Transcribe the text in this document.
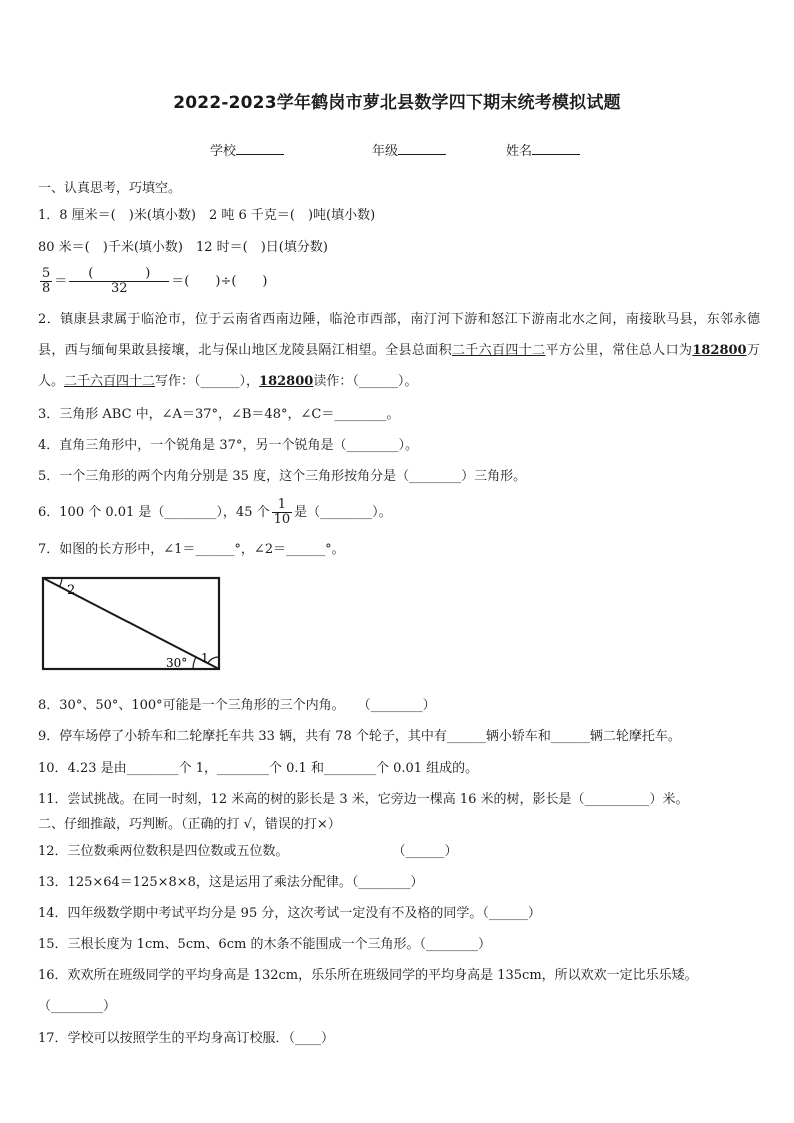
2022-2023学年鹤岗市萝北县数学四下期末统考模拟试题
学校	年级	姓名
一、认真思考，巧填空。
1．8 厘米＝(　)米(填小数)　2 吨 6 千克＝(　)吨(填小数)
80 米＝(　)千米(填小数)　12 时＝(　)日(填分数)
$\frac{5}{8} = \frac{( )}{32}$ ＝(　　)÷(　　)
2．镇康县隶属于临沧市，位于云南省西南边陲，临沧市西部，南汀河下游和怒江下游南北水之间，南接耿马县，东邻永德县，西与缅甸果敢县接壤，北与保山地区龙陵县隔江相望。全县总面积二千六百四十二平方公里，常住总人口为182800万人。二千六百四十二写作：（______），182800读作：（______）。
3．三角形 ABC 中，∠A＝37°，∠B＝48°，∠C＝________。
4．直角三角形中，一个锐角是 37°，另一个锐角是（________）。
5．一个三角形的两个内角分别是 35 度，这个三角形按角分是（________）三角形。
6．100 个 0.01 是（________），45 个 $\frac{1}{10}$ 是（________）。
7．如图的长方形中，∠1＝______°，∠2＝______°。
2
1
30°
8．30°、50°、100°可能是一个三角形的三个内角。　　（________）
9．停车场停了小轿车和二轮摩托车共 33 辆，共有 78 个轮子，其中有______辆小轿车和______辆二轮摩托车。
10．4.23 是由________个 1，________个 0.1 和________个 0.01 组成的。
11．尝试挑战。在同一时刻，12 米高的树的影长是 3 米，它旁边一棵高 16 米的树，影长是（__________）米。
二、仔细推敲，巧判断。（正确的打 √，错误的打×）
12．三位数乘两位数积是四位数或五位数。　　　　　　　　　（______）
13．125×64＝125×8×8，这是运用了乘法分配律。（________）
14．四年级数学期中考试平均分是 95 分，这次考试一定没有不及格的同学。（______）
15．三根长度为 1cm、5cm、6cm 的木条不能围成一个三角形。（________）
16．欢欢所在班级同学的平均身高是 132cm，乐乐所在班级同学的平均身高是 135cm，所以欢欢一定比乐乐矮。
（________）
17．学校可以按照学生的平均身高订校服．（____）
